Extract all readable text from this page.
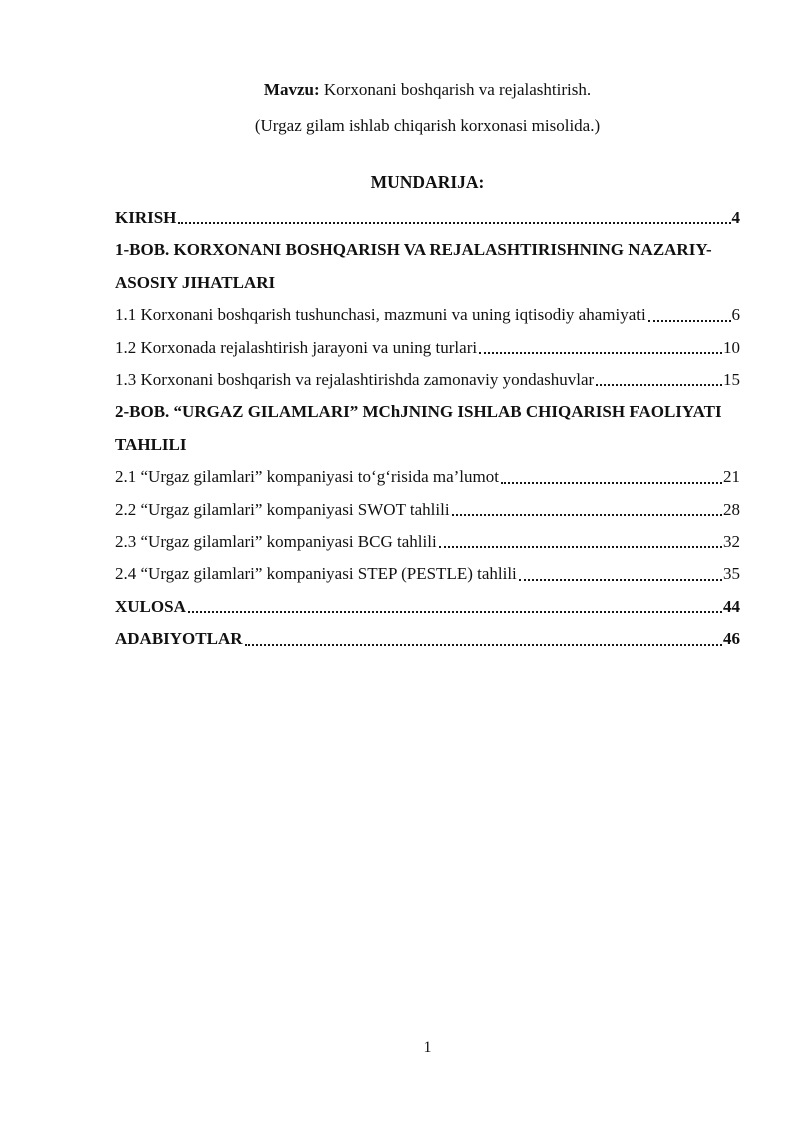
Mavzu: Korxonani boshqarish va rejalashtirish.
(Urgaz gilam ishlab chiqarish korxonasi misolida.)
MUNDARIJA:
KIRISH	4
1-BOB. KORXONANI BOSHQARISH VA REJALASHTIRISHNING NAZARIY-ASOSIY JIHATLARI
1.1 Korxonani boshqarish tushunchasi, mazmuni va uning iqtisodiy ahamiyati	6
1.2 Korxonada rejalashtirish jarayoni va uning turlari	10
1.3 Korxonani boshqarish va rejalashtirishda zamonaviy yondashuvlar	15
2-BOB. “URGAZ GILAMLARI” MChJNING ISHLAB CHIQARISH FAOLIYATI TAHLILI
2.1 “Urgaz gilamlari” kompaniyasi to‘g‘risida ma’lumot	21
2.2 “Urgaz gilamlari” kompaniyasi SWOT tahlili	28
2.3 “Urgaz gilamlari” kompaniyasi BCG tahlili	32
2.4 “Urgaz gilamlari” kompaniyasi STEP (PESTLE) tahlili	35
XULOSA	44
ADABIYOTLAR	46
1
